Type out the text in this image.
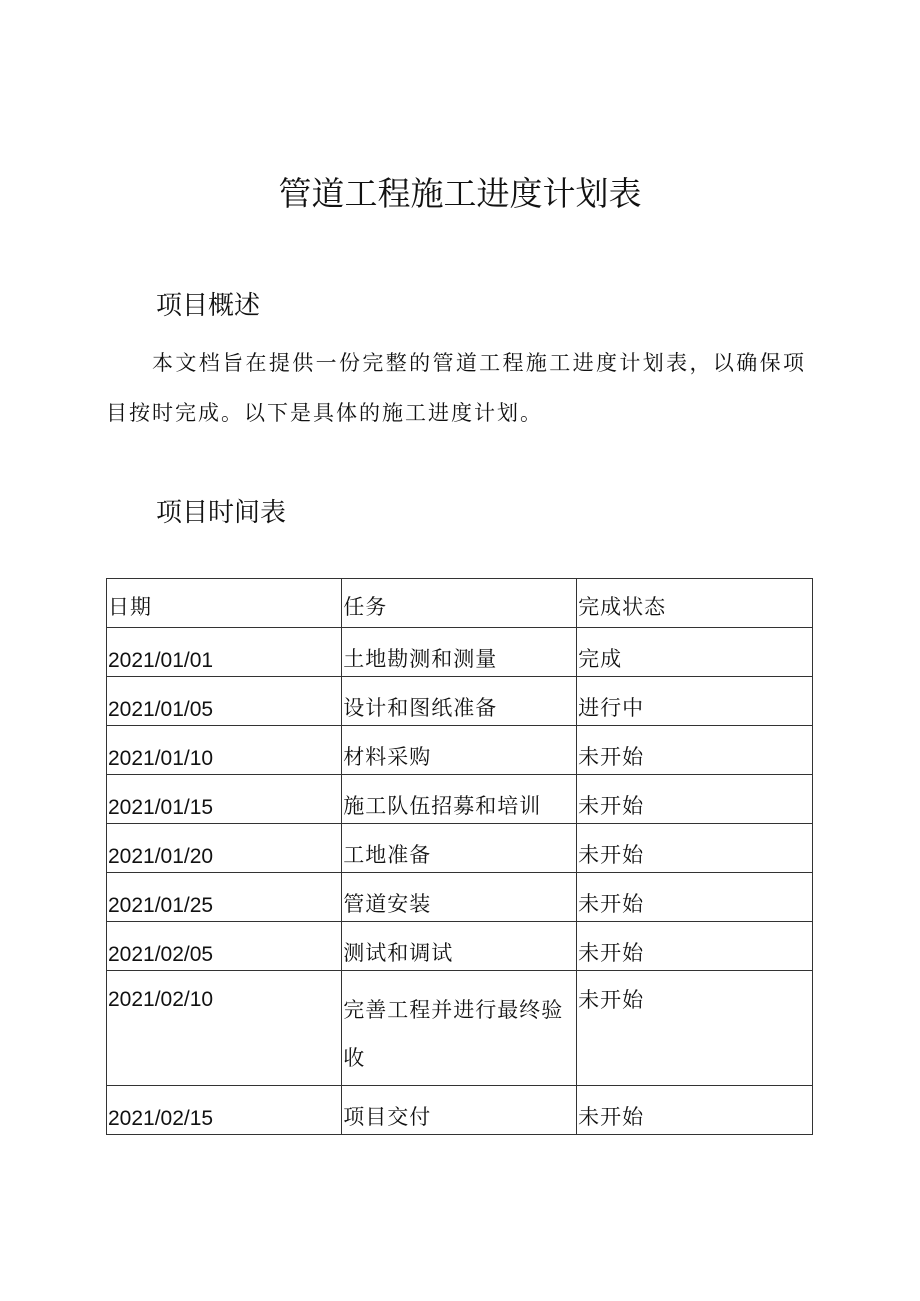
管道工程施工进度计划表
项目概述

本文档旨在提供一份完整的管道工程施工进度计划表，以确保项目按时完成。以下是具体的施工进度计划。

项目时间表
日期	任务	完成状态
2021/01/01	土地勘测和测量	完成
2021/01/05	设计和图纸准备	进行中
2021/01/10	材料采购	未开始
2021/01/15	施工队伍招募和培训	未开始
2021/01/20	工地准备	未开始
2021/01/25	管道安装	未开始
2021/02/05	测试和调试	未开始
2021/02/10	完善工程并进行最终验收	未开始
2021/02/15	项目交付	未开始
